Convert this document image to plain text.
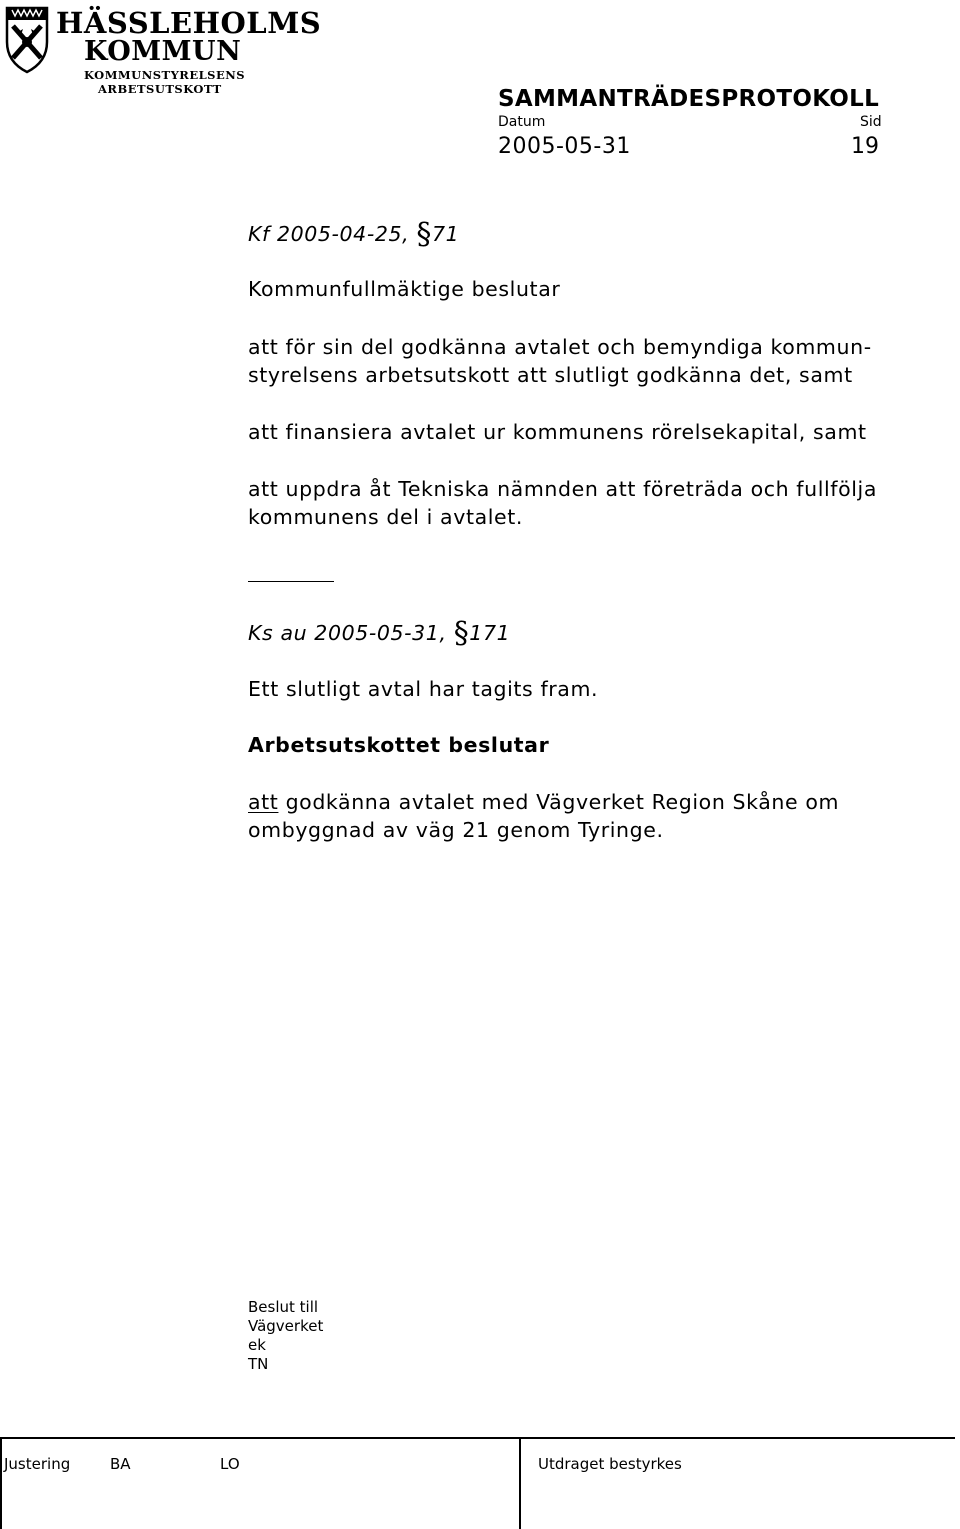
HÄSSLEHOLMS
KOMMUN
KOMMUNSTYRELSENS
ARBETSUTSKOTT	SAMMANTRÄDESPROTOKOLL
Datum	Sid
2005-05-31	19
Kf 2005-04-25, §71
Kommunfullmäktige beslutar
att för sin del godkänna avtalet och bemyndiga kommun-
styrelsens arbetsutskott att slutligt godkänna det, samt
att finansiera avtalet ur kommunens rörelsekapital, samt
att uppdra åt Tekniska nämnden att företräda och fullfölja
kommunens del i avtalet.
Ks au 2005-05-31, §171
Ett slutligt avtal har tagits fram.
Arbetsutskottet beslutar
att godkänna avtalet med Vägverket Region Skåne om
ombyggnad av väg 21 genom Tyringe.
Beslut till
Vägverket
ek
TN
Justering	BA	LO	Utdraget bestyrkes
